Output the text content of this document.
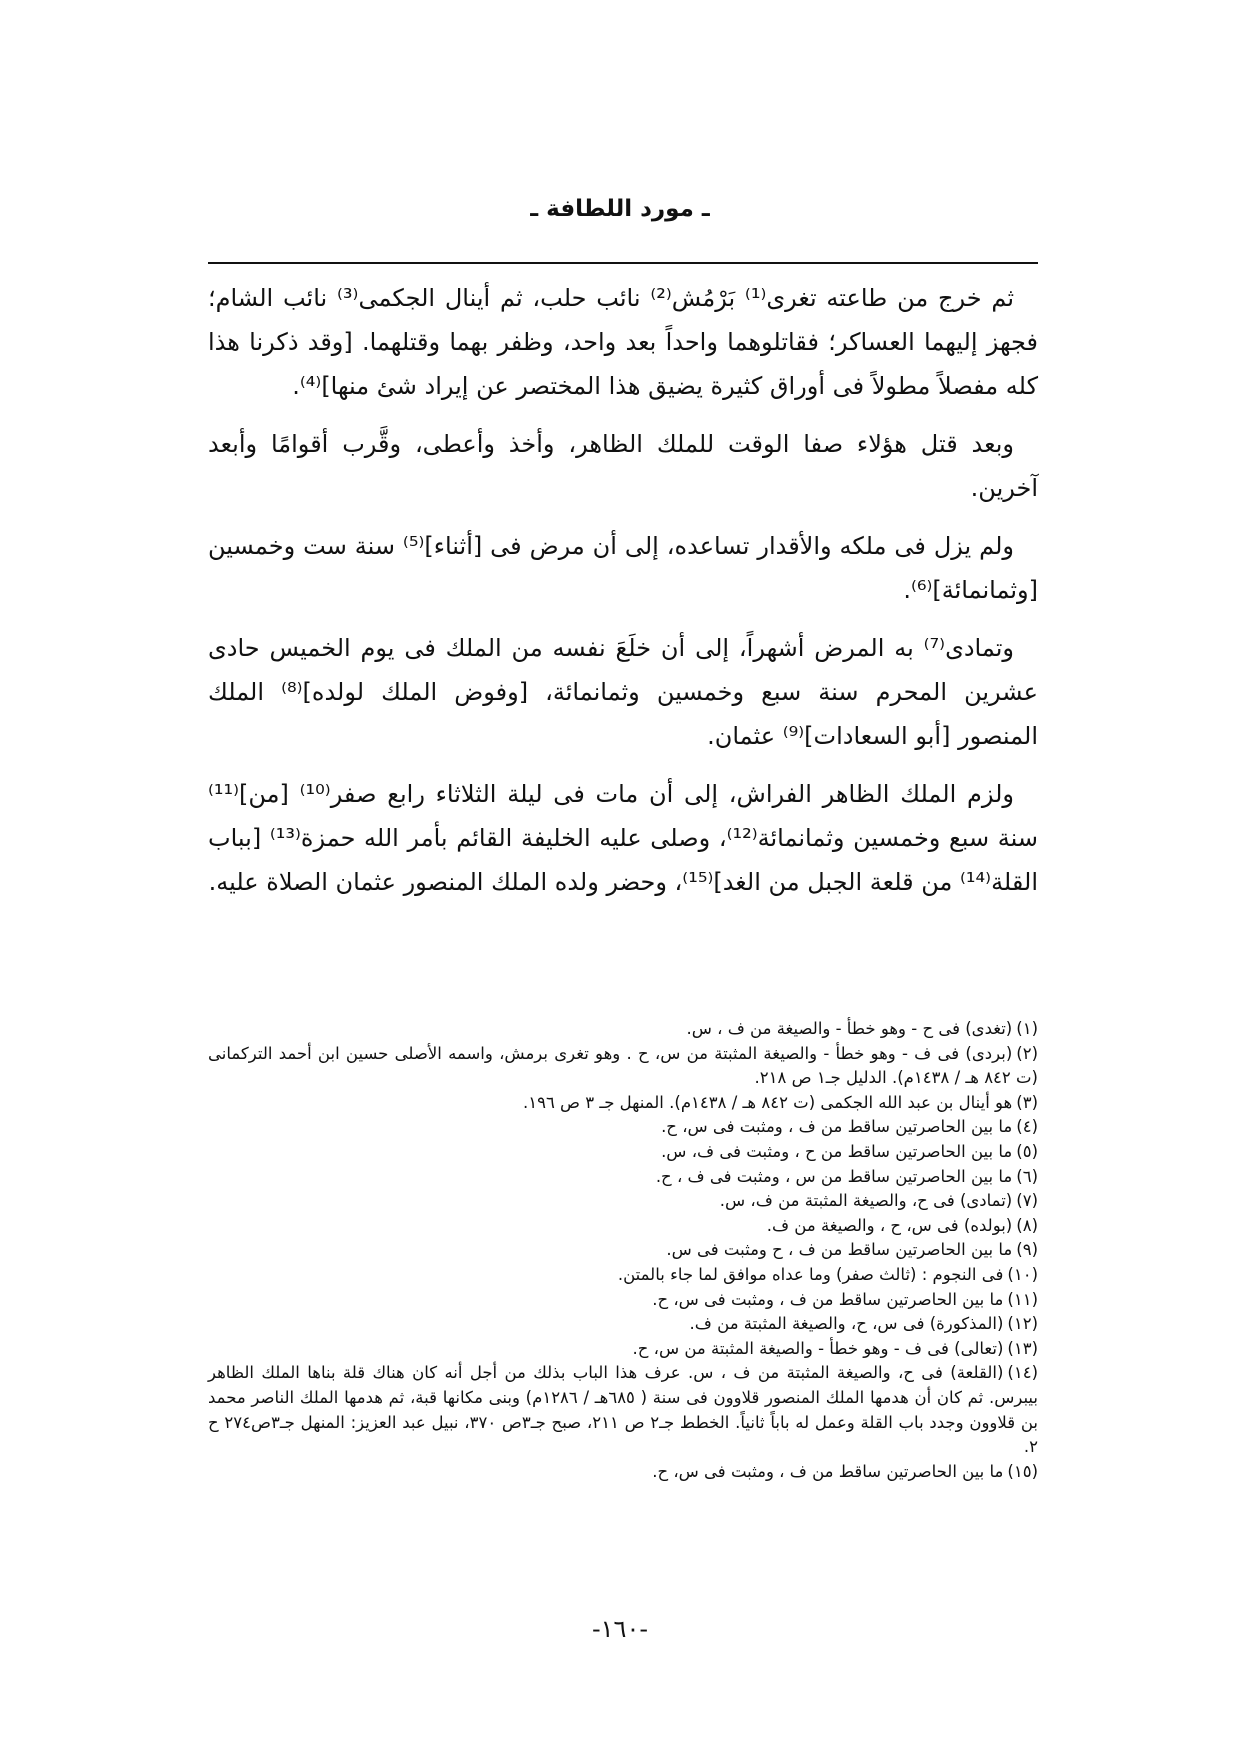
ـ مورد اللطافة ـ

ثم خرج من طاعته تغرى⁽¹⁾ بَرْمُش⁽²⁾ نائب حلب، ثم أينال الجكمى⁽³⁾ نائب الشام؛ فجهز إليهما العساكر؛ فقاتلوهما واحداً بعد واحد، وظفر بهما وقتلهما. [وقد ذكرنا هذا كله مفصلاً مطولاً فى أوراق كثيرة يضيق هذا المختصر عن إيراد شئ منها]⁽⁴⁾.

وبعد قتل هؤلاء صفا الوقت للملك الظاهر، وأخذ وأعطى، وقَّرب أقوامًا وأبعد آخرين.

ولم يزل فى ملكه والأقدار تساعده، إلى أن مرض فى [أثناء]⁽⁵⁾ سنة ست وخمسين [وثمانمائة]⁽⁶⁾.

وتمادى⁽⁷⁾ به المرض أشهراً، إلى أن خلَعَ نفسه من الملك فى يوم الخميس حادى عشرين المحرم سنة سبع وخمسين وثمانمائة، [وفوض الملك لولده]⁽⁸⁾ الملك المنصور [أبو السعادات]⁽⁹⁾ عثمان.

ولزم الملك الظاهر الفراش، إلى أن مات فى ليلة الثلاثاء رابع صفر⁽¹⁰⁾ [من]⁽¹¹⁾ سنة سبع وخمسين وثمانمائة⁽¹²⁾، وصلى عليه الخليفة القائم بأمر الله حمزة⁽¹³⁾ [بباب القلة⁽¹⁴⁾ من قلعة الجبل من الغد]⁽¹⁵⁾، وحضر ولده الملك المنصور عثمان الصلاة عليه.

(١)(تغدى) فى ح - وهو خطأ - والصيغة من ف ، س.

(٢)(بردى) فى ف - وهو خطأ - والصيغة المثبتة من س، ح . وهو تغرى برمش، واسمه الأصلى حسين ابن أحمد التركمانى (ت ٨٤٢ هـ / ١٤٣٨م). الدليل جـ١ ص ٢١٨.

(٣)هو أينال بن عبد الله الجكمى (ت ٨٤٢ هـ / ١٤٣٨م). المنهل جـ ٣ ص ١٩٦.

(٤)ما بين الحاصرتين ساقط من ف ، ومثبت فى س، ح.

(٥)ما بين الحاصرتين ساقط من ح ، ومثبت فى ف، س.

(٦)ما بين الحاصرتين ساقط من س ، ومثبت فى ف ، ح.

(٧)(تمادى) فى ح، والصيغة المثبتة من ف، س.

(٨)(بولده) فى س، ح ، والصيغة من ف.

(٩)ما بين الحاصرتين ساقط من ف ، ح ومثبت فى س.

(١٠)فى النجوم : (ثالث صفر) وما عداه موافق لما جاء بالمتن.

(١١)ما بين الحاصرتين ساقط من ف ، ومثبت فى س، ح.

(١٢)(المذكورة) فى س، ح، والصيغة المثبتة من ف.

(١٣)(تعالى) فى ف - وهو خطأ - والصيغة المثبتة من س، ح.

(١٤)(القلعة) فى ح، والصيغة المثبتة من ف ، س. عرف هذا الباب بذلك من أجل أنه كان هناك قلة بناها الملك الظاهر بيبرس. ثم كان أن هدمها الملك المنصور قلاوون فى سنة ( ٦٨٥هـ / ١٢٨٦م) وبنى مكانها قبة، ثم هدمها الملك الناصر محمد بن قلاوون وجدد باب القلة وعمل له باباً ثانياً. الخطط جـ٢ ص ٢١١، صبح جـ٣ص ٣٧٠، نبيل عبد العزيز: المنهل جـ٣ص٢٧٤ ح ٢.

(١٥)ما بين الحاصرتين ساقط من ف ، ومثبت فى س، ح.

-١٦٠-
